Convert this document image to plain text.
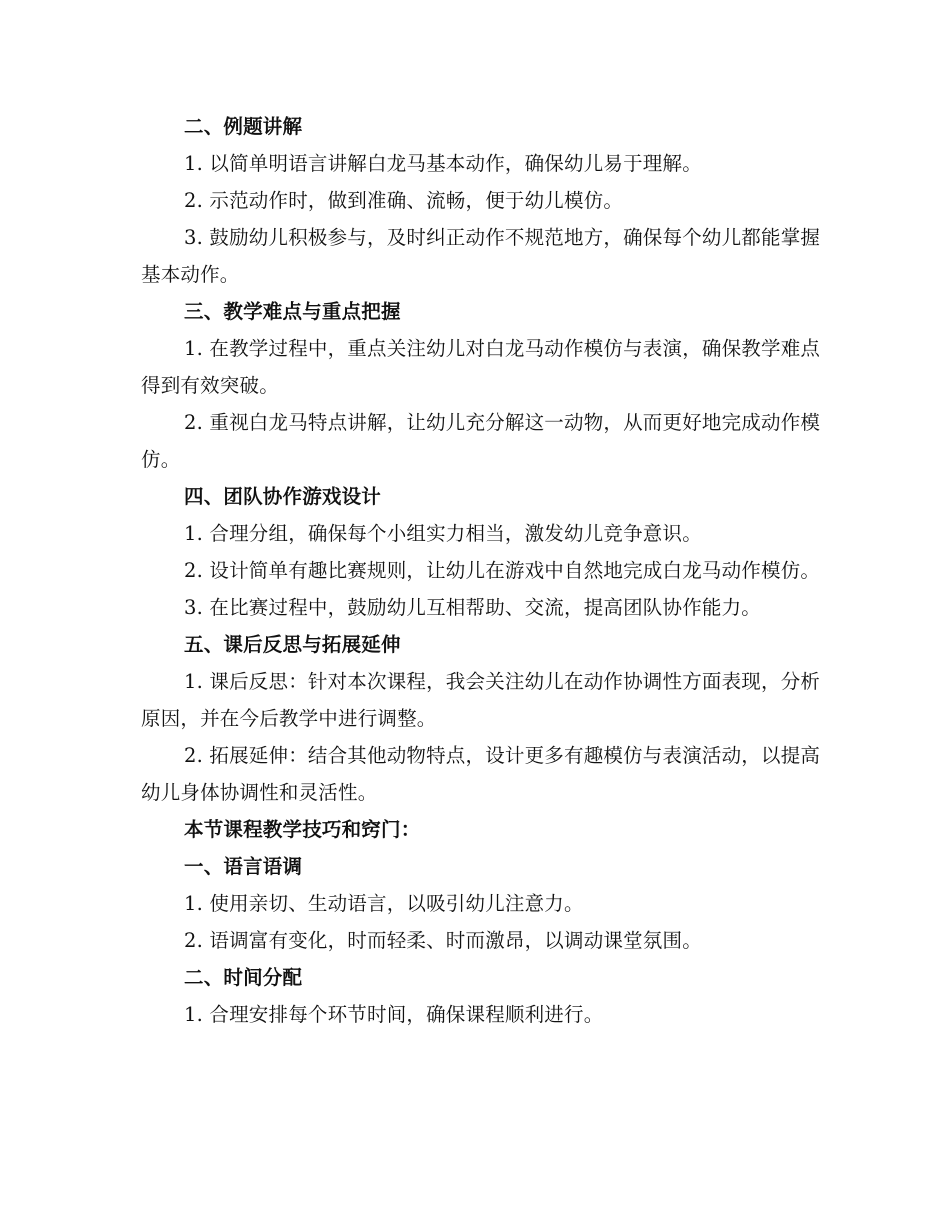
二、例题讲解

1. 以简单明语言讲解白龙马基本动作，确保幼儿易于理解。

2. 示范动作时，做到准确、流畅，便于幼儿模仿。

3. 鼓励幼儿积极参与，及时纠正动作不规范地方，确保每个幼儿都能掌握基本动作。

三、教学难点与重点把握

1. 在教学过程中，重点关注幼儿对白龙马动作模仿与表演，确保教学难点得到有效突破。

2. 重视白龙马特点讲解，让幼儿充分解这一动物，从而更好地完成动作模仿。

四、团队协作游戏设计

1. 合理分组，确保每个小组实力相当，激发幼儿竞争意识。

2. 设计简单有趣比赛规则，让幼儿在游戏中自然地完成白龙马动作模仿。

3. 在比赛过程中，鼓励幼儿互相帮助、交流，提高团队协作能力。

五、课后反思与拓展延伸

1. 课后反思：针对本次课程，我会关注幼儿在动作协调性方面表现，分析原因，并在今后教学中进行调整。

2. 拓展延伸：结合其他动物特点，设计更多有趣模仿与表演活动，以提高幼儿身体协调性和灵活性。

本节课程教学技巧和窍门：

一、语言语调

1. 使用亲切、生动语言，以吸引幼儿注意力。

2. 语调富有变化，时而轻柔、时而激昂，以调动课堂氛围。

二、时间分配

1. 合理安排每个环节时间，确保课程顺利进行。
